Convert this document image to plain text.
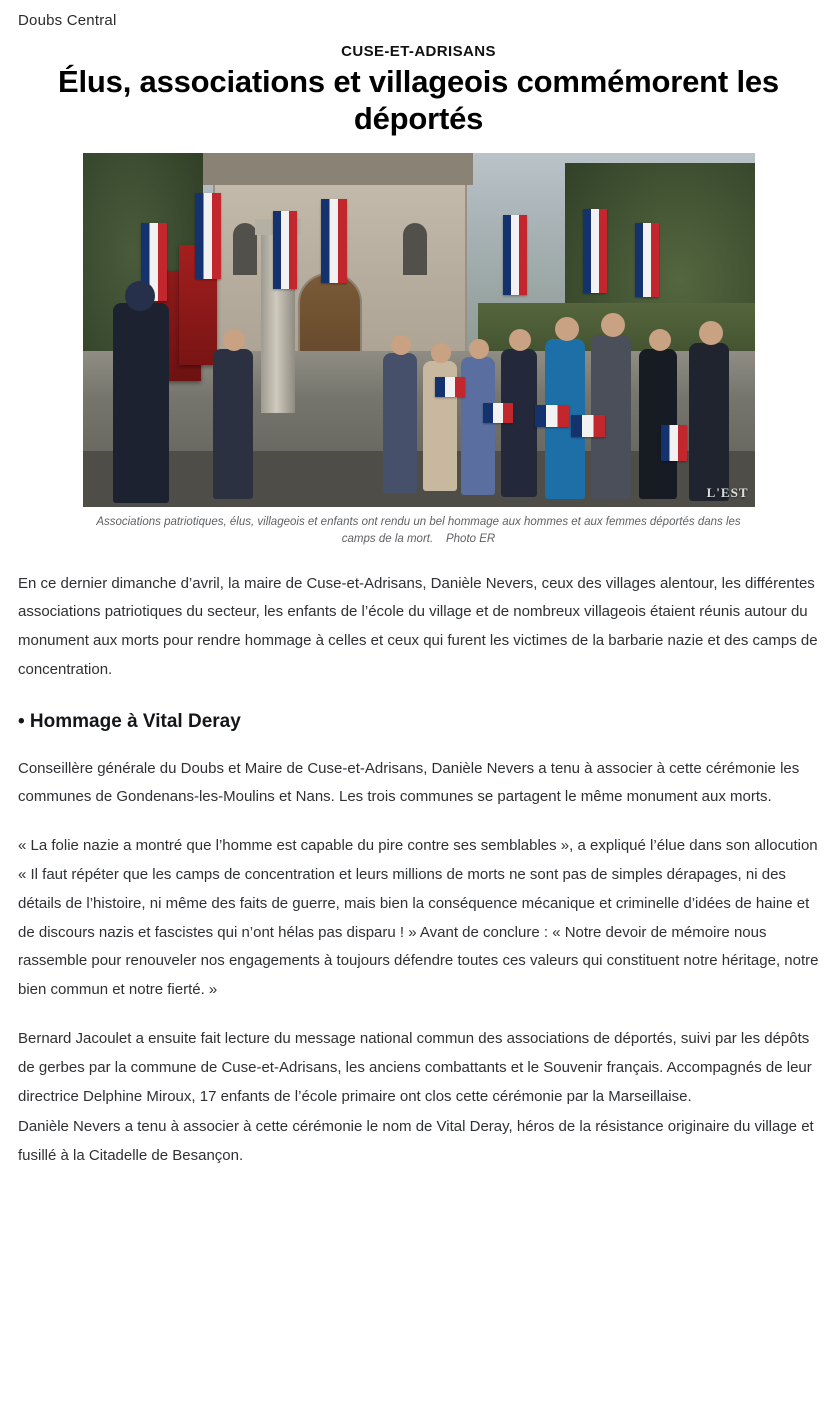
Doubs Central
CUSE-ET-ADRISANS
Élus, associations et villageois commémorent les déportés
L'EST
Associations patriotiques, élus, villageois et enfants ont rendu un bel hommage aux hommes et aux femmes déportés dans les camps de la mort. Photo ER

En ce dernier dimanche d’avril, la maire de Cuse-et-Adrisans, Danièle Nevers, ceux des villages alentour, les différentes associations patriotiques du secteur, les enfants de l’école du village et de nombreux villageois étaient réunis autour du monument aux morts pour rendre hommage à celles et ceux qui furent les victimes de la barbarie nazie et des camps de concentration.

• Hommage à Vital Deray

Conseillère générale du Doubs et Maire de Cuse-et-Adrisans, Danièle Nevers a tenu à associer à cette cérémonie les communes de Gondenans-les-Moulins et Nans. Les trois communes se partagent le même monument aux morts.

« La folie nazie a montré que l’homme est capable du pire contre ses semblables », a expliqué l’élue dans son allocution « Il faut répéter que les camps de concentration et leurs millions de morts ne sont pas de simples dérapages, ni des détails de l’histoire, ni même des faits de guerre, mais bien la conséquence mécanique et criminelle d’idées de haine et de discours nazis et fascistes qui n’ont hélas pas disparu ! » Avant de conclure : « Notre devoir de mémoire nous rassemble pour renouveler nos engagements à toujours défendre toutes ces valeurs qui constituent notre héritage, notre bien commun et notre fierté. »

Bernard Jacoulet a ensuite fait lecture du message national commun des associations de déportés, suivi par les dépôts de gerbes par la commune de Cuse-et-Adrisans, les anciens combattants et le Souvenir français. Accompagnés de leur directrice Delphine Miroux, 17 enfants de l’école primaire ont clos cette cérémonie par la Marseillaise.

Danièle Nevers a tenu à associer à cette cérémonie le nom de Vital Deray, héros de la résistance originaire du village et fusillé à la Citadelle de Besançon.
